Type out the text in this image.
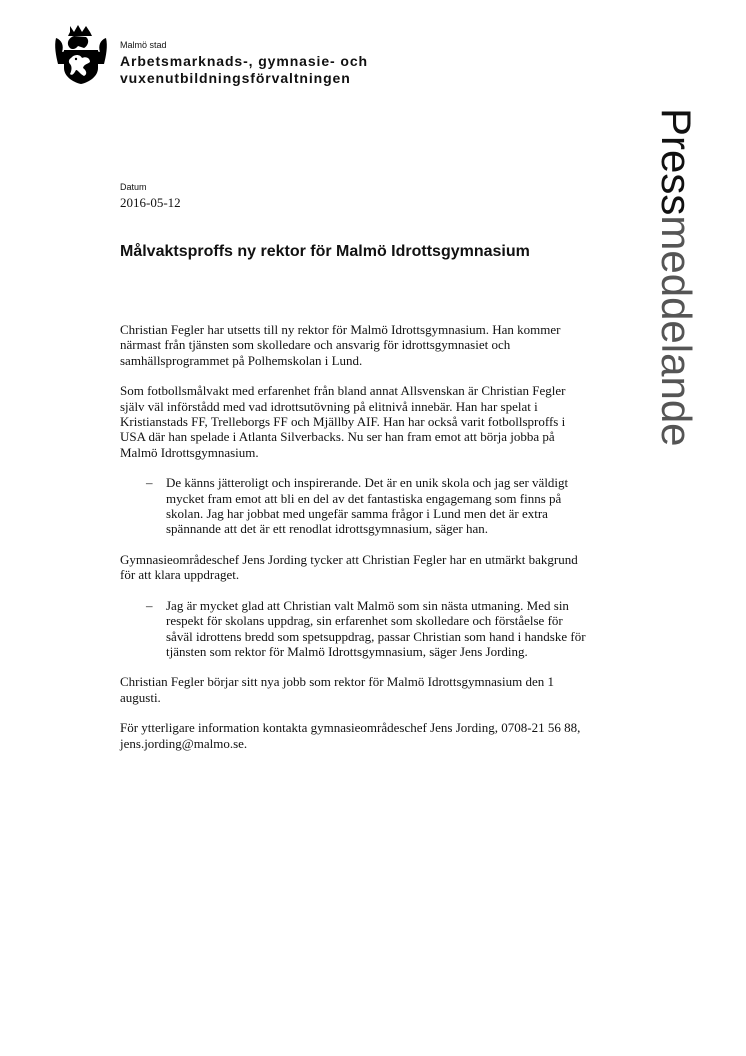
Malmö stad
Arbetsmarknads-, gymnasie- och
vuxenutbildningsförvaltningen
Pressmeddelande
Datum
2016-05-12
Målvaktsproffs ny rektor för Malmö Idrottsgymnasium

Christian Fegler har utsetts till ny rektor för Malmö Idrottsgymnasium. Han kommer närmast från tjänsten som skolledare och ansvarig för idrottsgymnasiet och samhällsprogrammet på Polhemskolan i Lund.

Som fotbollsmålvakt med erfarenhet från bland annat Allsvenskan är Christian Fegler själv väl införstådd med vad idrottsutövning på elitnivå innebär. Han har spelat i Kristianstads FF, Trelleborgs FF och Mjällby AIF. Han har också varit fotbollsproffs i USA där han spelade i Atlanta Silverbacks. Nu ser han fram emot att börja jobba på Malmö Idrottsgymnasium.

–	De känns jätteroligt och inspirerande. Det är en unik skola och jag ser väldigt mycket fram emot att bli en del av det fantastiska engagemang som finns på skolan. Jag har jobbat med ungefär samma frågor i Lund men det är extra spännande att det är ett renodlat idrottsgymnasium, säger han.

Gymnasieområdeschef Jens Jording tycker att Christian Fegler har en utmärkt bakgrund för att klara uppdraget.

–	Jag är mycket glad att Christian valt Malmö som sin nästa utmaning. Med sin respekt för skolans uppdrag, sin erfarenhet som skolledare och förståelse för såväl idrottens bredd som spetsuppdrag, passar Christian som hand i handske för tjänsten som rektor för Malmö Idrottsgymnasium, säger Jens Jording.

Christian Fegler börjar sitt nya jobb som rektor för Malmö Idrottsgymnasium den 1 augusti.

För ytterligare information kontakta gymnasieområdeschef Jens Jording, 0708-21 56 88, jens.jording@malmo.se.
